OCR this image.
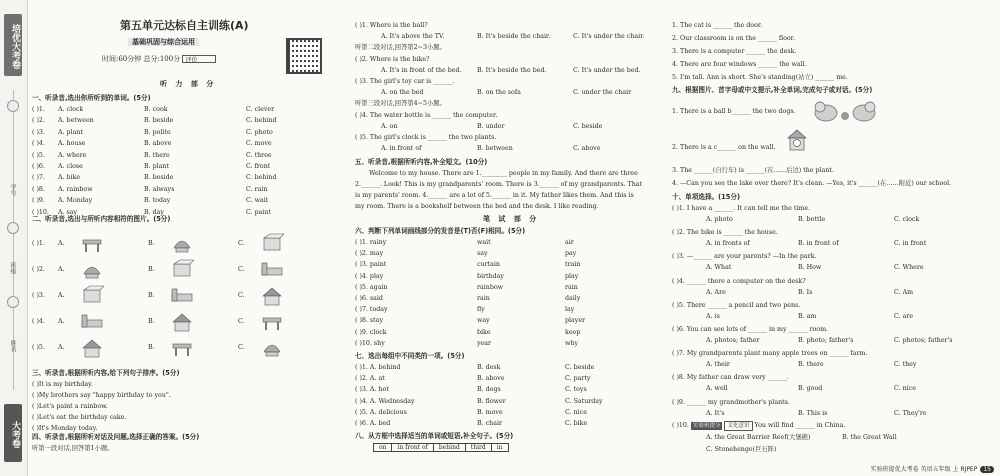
培优大考卷
学号
班级
姓名
大考卷
第五单元达标自主训练(A)
基础巩固与综合运用
时间:60分钟 总分:100分 评价
听 力 部 分
一、听录音,选出你所听到的单词。(5分)
( )1. A. clock	B. cook	C. clever
( )2. A. between	B. beside	C. behind
( )3. A. plant	B. polite	C. photo
( )4. A. house	B. above	C. move
( )5. A. where	B. there	C. three
( )6. A. close	B. plant	C. front
( )7. A. bike	B. beside	C. behind
( )8. A. rainbow	B. always	C. rain
( )9. A. Monday	B. today	C. wait
( )10. A. say	B. day	C. paint
二、听录音,选出与所听内容相符的图片。(5分)
( )1. A.	B.	C.
( )2. A.	B.	C.
( )3. A.	B.	C.
( )4. A.	B.	C.
( )5. A.	B.	C.
三、听录音,根据所听内容,给下列句子排序。(5分)
( )It is my birthday.
( )My brothers say "happy birthday to you".
( )Let's paint a rainbow.
( )Let's eat the birthday cake.
( )It's Monday today.
四、听录音,根据所听对话及问题,选择正确的答案。(5分)
听第一段对话,回答第1小题。
( )1. Where is the ball?
A. It's above the TV.	B. It's beside the chair.	C. It's under the chair.
听第二段对话,回答第2~3小题。
( )2. Where is the bike?
A. It's in front of the bed. B. It's beside the bed.	C. It's under the bed.
( )3. The girl's toy car is ______.
A. on the bed	B. on the sofa	C. under the chair
听第三段对话,回答第4~5小题。
( )4. The water bottle is ______ the computer.
A. on	B. under	C. beside
( )5. The girl's clock is ______ the two plants.
A. in front of	B. between	C. above
五、听录音,根据所听内容,补全短文。(10分)
Welcome to my house. There are 1.________ people in my family. And there are three
2.______. Look! This is my grandparents' room. There is 3.______ of my grandparents. That
is my parents' room. 4.______ are a lot of 5.______ in it. My father likes them. And this is
my room. There is a bookshelf between the bed and the desk. I like reading.
笔 试 部 分
六、判断下列单词画线部分的发音是(T)否(F)相同。(5分)
( )1. rainy	wait	air
( )2. may	say	pay
( )3. paint	curtain	train
( )4. play	birthday	play
( )5. again	rainbow	rain
( )6. said	rain	daily
( )7. today	fly	lay
( )8. stay	way	player
( )9. clock	bike	keep
( )10. shy	year	why
七、选出每组中不同类的一项。(5分)
( )1. A. behind	B. desk	C. beside
( )2. A. at	B. above	C. party
( )3. A. hot	B. dogs	C. toys
( )4. A. Wednesday	B. flower	C. Saturday
( )5. A. delicious	B. move	C. nice
( )6. A. bed	B. chair	C. bike
八、从方框中选择适当的单词或短语,补全句子。(5分)
on	in front of	behind	third	in
1. The cat is ______ the door.
2. Our classroom is on the ______ floor.
3. There is a computer ______ the desk.
4. There are four windows ______ the wall.
5. I'm tall. Ann is short. She's standing(站立) ______ me.
九、根据图片、首字母或中文提示,补全单词,完成句子或对话。(5分)
1. There is a ball b______ the two dogs.
2. There is a c______ on the wall.
3. The ______(自行车) is ______(在……后边) the plant.
4. —Can you see the lake over there? It's clean. —Yes, it's ______(在……附近) our school.
十、单项选择。(15分)
( )1. I have a ______. It can tell me the time.
A. photo	B. bottle	C. clock
( )2. The bike is ______ the house.
A. in fronts of	B. in front of	C. in front
( )3. —______ are your parents? —In the park.
A. What	B. How	C. Where
( )4. ______ there a computer on the desk?
A. Are	B. Is	C. Am
( )5. There ______ a pencil and two pens.
A. is	B. am	C. are
( )6. You can see lots of ______ in my ______ room.
A. photos; father	B. photo; father's	C. photos; father's
( )7. My grandparents plant many apple trees on ______ farm.
A. their	B. there	C. they
( )8. My father can draw very ______.
A. well	B. good	C. nice
( )9. ______ my grandmother's plants.
A. It's	B. This is	C. They're
( )10. 实验班提分 文化意识 You will find ______ in China.
A. the Great Barrier Reef(大堡礁)	B. the Great Wall
C. Stonehenge(巨石阵)
实验班提优大考卷 英语五年级 上 RJPEP 15
